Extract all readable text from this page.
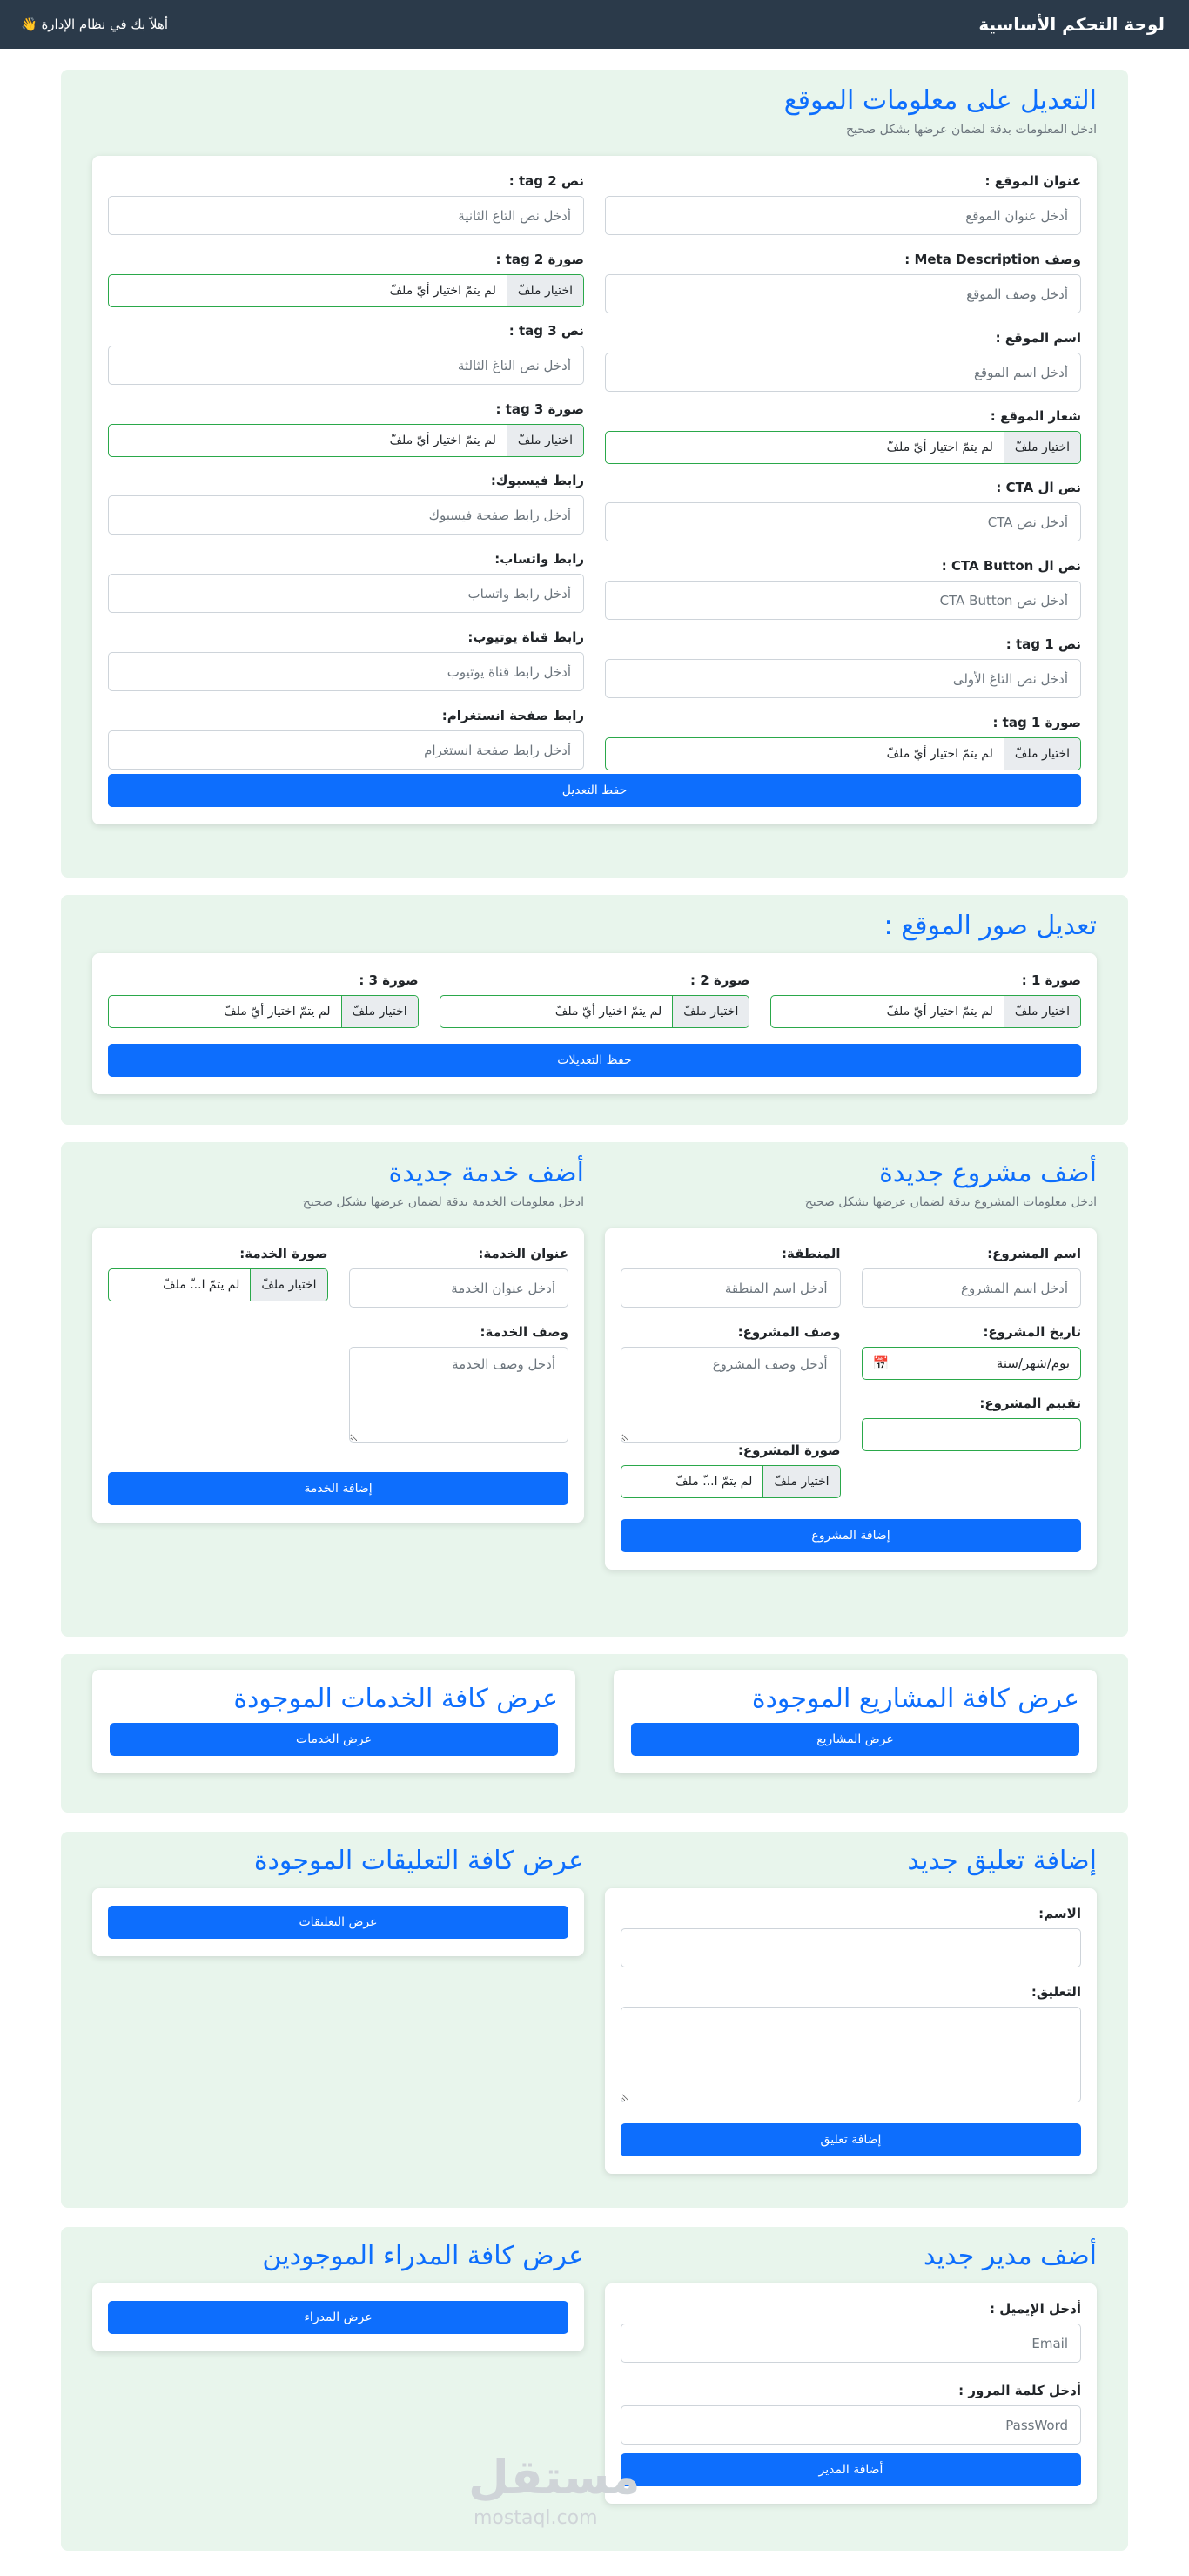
لوحة التحكم الأساسية
أهلاً بك في نظام الإدارة 👋
التعديل على معلومات الموقع
ادخل المعلومات بدقة لضمان عرضها بشكل صحيح
عنوان الموقع :
أدخل عنوان الموقع
وصف Meta Description :
أدخل وصف الموقع
اسم الموقع :
أدخل اسم الموقع
شعار الموقع :
اختيار ملفّ
لم يتمّ اختيار أيّ ملفّ
نص ال CTA :
أدخل نص CTA
نص ال CTA Button :
أدخل نص CTA Button
نص tag 1 :
أدخل نص التاغ الأولى
صورة tag 1 :
اختيار ملفّ
لم يتمّ اختيار أيّ ملفّ
نص tag 2 :
أدخل نص التاغ الثانية
صورة tag 2 :
اختيار ملفّ
لم يتمّ اختيار أيّ ملفّ
نص tag 3 :
أدخل نص التاغ الثالثة
صورة tag 3 :
اختيار ملفّ
لم يتمّ اختيار أيّ ملفّ
رابط فيسبوك:
أدخل رابط صفحة فيسبوك
رابط واتساب:
أدخل رابط واتساب
رابط قناة يوتيوب:
أدخل رابط قناة يوتيوب
رابط صفحة انستغرام:
أدخل رابط صفحة انستغرام
حفظ التعديل
تعديل صور الموقع :
صورة 1 :
اختيار ملفّ
لم يتمّ اختيار أيّ ملفّ
صورة 2 :
اختيار ملفّ
لم يتمّ اختيار أيّ ملفّ
صورة 3 :
اختيار ملفّ
لم يتمّ اختيار أيّ ملفّ
حفظ التعديلات
أضف مشروع جديدة
ادخل معلومات المشروع بدقة لضمان عرضها بشكل صحيح
اسم المشروع:
أدخل اسم المشروع
تاريخ المشروع:
يوم/شهر/سنة
📅
تقييم المشروع:
المنطقة:
أدخل اسم المنطقة
وصف المشروع:
أدخل وصف المشروع
صورة المشروع:
اختيار ملفّ
لم يتمّ ا...ّ ملفّ
إضافة المشروع
أضف خدمة جديدة
ادخل معلومات الخدمة بدقة لضمان عرضها بشكل صحيح
عنوان الخدمة:
أدخل عنوان الخدمة
وصف الخدمة:
أدخل وصف الخدمة
صورة الخدمة:
اختيار ملفّ
لم يتمّ ا...ّ ملفّ
إضافة الخدمة
عرض كافة المشاريع الموجودة
عرض المشاريع
عرض كافة الخدمات الموجودة
عرض الخدمات
إضافة تعليق جديد
الاسم:
التعليق:
إضافة تعليق
عرض كافة التعليقات الموجودة
عرض التعليقات
أضف مدير جديد
أدخل الإيميل :
Email
أدخل كلمة المرور :
أضافة المدير
عرض كافة المدراء الموجودين
عرض المدراء
مستقل
mostaql.com
